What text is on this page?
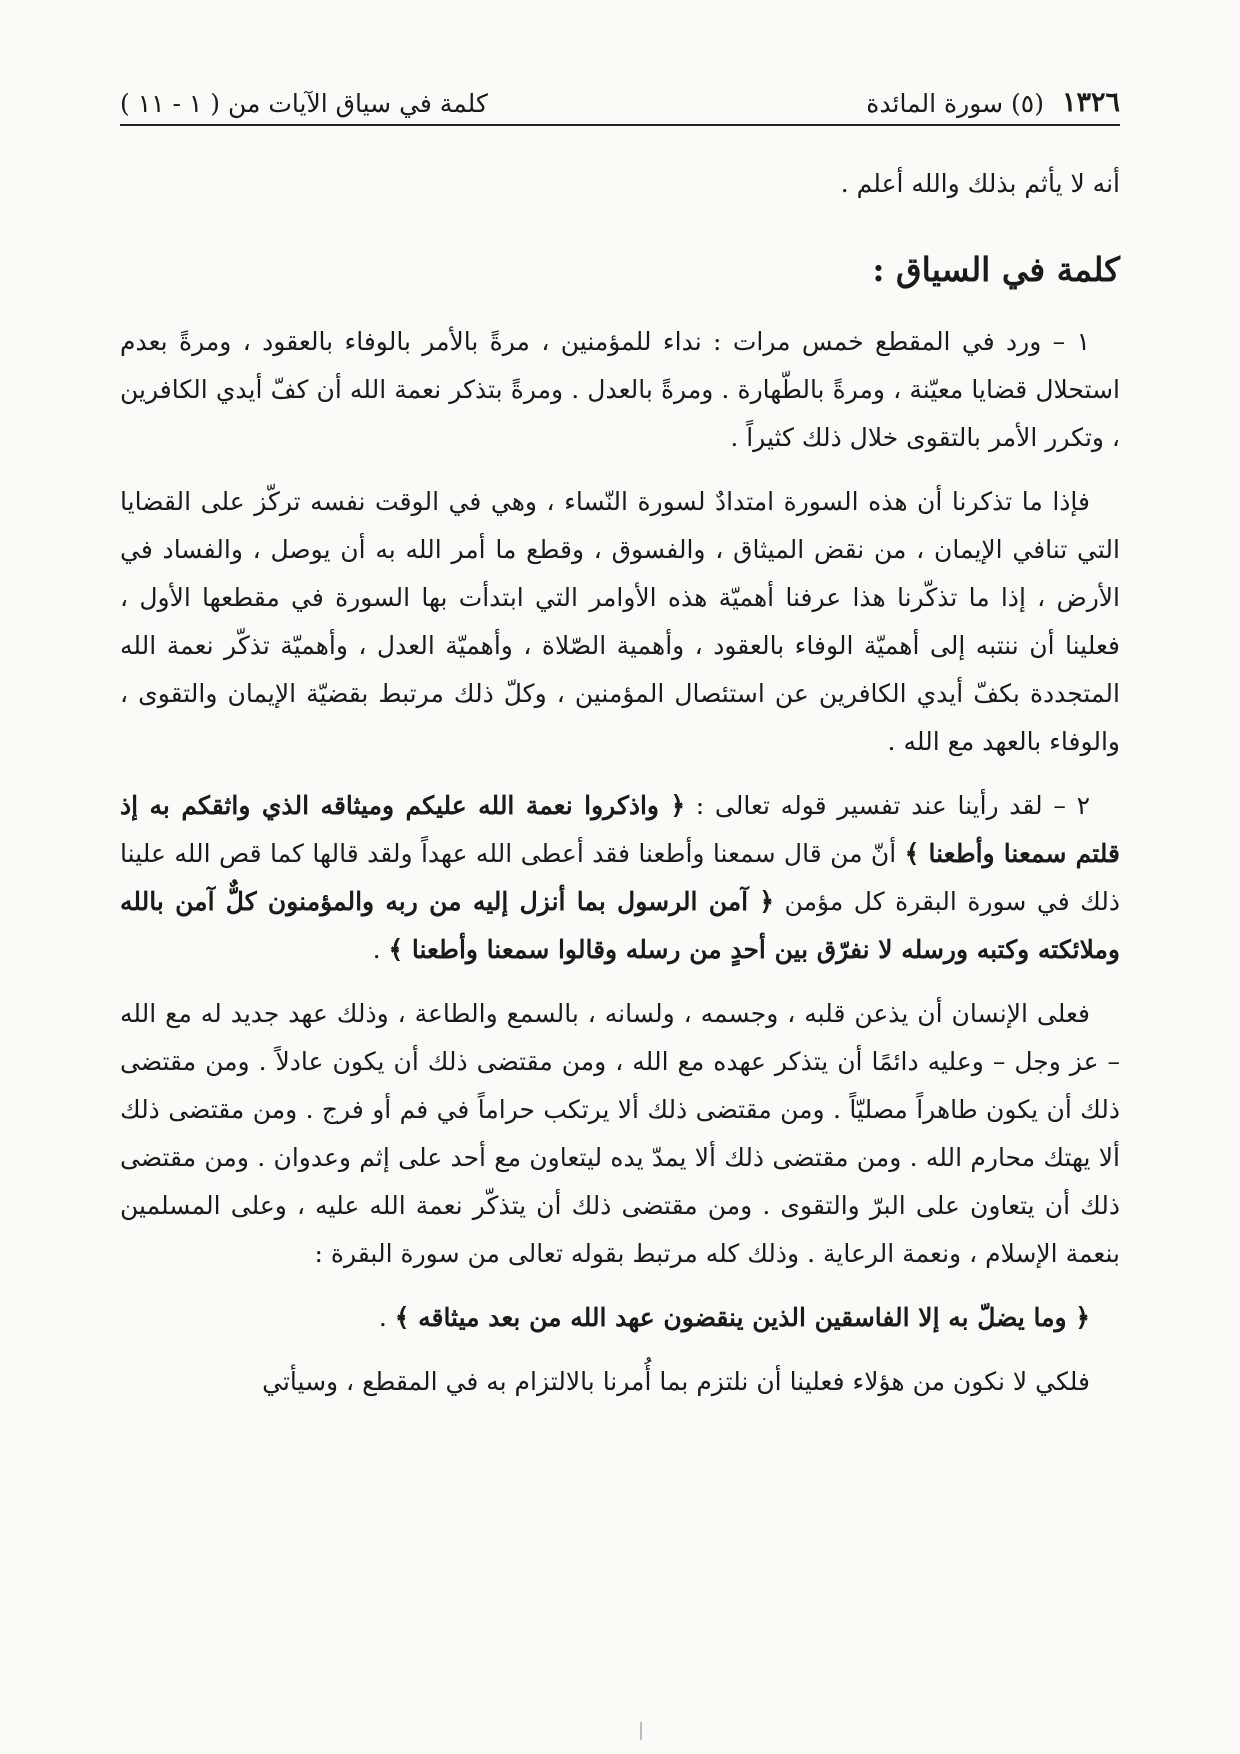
١٣٢٦
(٥) سورة المائدة
كلمة في سياق الآيات من ( ١ - ١١ )

أنه لا يأثم بذلك والله أعلم .

كلمة في السياق :

١ – ورد في المقطع خمس مرات : نداء للمؤمنين ، مرةً بالأمر بالوفاء بالعقود ، ومرةً بعدم استحلال قضايا معيّنة ، ومرةً بالطّهارة . ومرةً بالعدل . ومرةً بتذكر نعمة الله أن كفّ أيدي الكافرين ، وتكرر الأمر بالتقوى خلال ذلك كثيراً .

فإذا ما تذكرنا أن هذه السورة امتدادٌ لسورة النّساء ، وهي في الوقت نفسه تركّز على القضايا التي تنافي الإيمان ، من نقض الميثاق ، والفسوق ، وقطع ما أمر الله به أن يوصل ، والفساد في الأرض ، إذا ما تذكّرنا هذا عرفنا أهميّة هذه الأوامر التي ابتدأت بها السورة في مقطعها الأول ، فعلينا أن ننتبه إلى أهميّة الوفاء بالعقود ، وأهمية الصّلاة ، وأهميّة العدل ، وأهميّة تذكّر نعمة الله المتجددة بكفّ أيدي الكافرين عن استئصال المؤمنين ، وكلّ ذلك مرتبط بقضيّة الإيمان والتقوى ، والوفاء بالعهد مع الله .

٢ – لقد رأينا عند تفسير قوله تعالى : ﴿ واذكروا نعمة الله عليكم وميثاقه الذي واثقكم به إذ قلتم سمعنا وأطعنا ﴾ أنّ من قال سمعنا وأطعنا فقد أعطى الله عهداً ولقد قالها كما قص الله علينا ذلك في سورة البقرة كل مؤمن ﴿ آمن الرسول بما أنزل إليه من ربه والمؤمنون كلٌّ آمن بالله وملائكته وكتبه ورسله لا نفرّق بين أحدٍ من رسله وقالوا سمعنا وأطعنا ﴾ .

فعلى الإنسان أن يذعن قلبه ، وجسمه ، ولسانه ، بالسمع والطاعة ، وذلك عهد جديد له مع الله – عز وجل – وعليه دائمًا أن يتذكر عهده مع الله ، ومن مقتضى ذلك أن يكون عادلاً . ومن مقتضى ذلك أن يكون طاهراً مصليّاً . ومن مقتضى ذلك ألا يرتكب حراماً في فم أو فرج . ومن مقتضى ذلك ألا يهتك محارم الله . ومن مقتضى ذلك ألا يمدّ يده ليتعاون مع أحد على إثم وعدوان . ومن مقتضى ذلك أن يتعاون على البرّ والتقوى . ومن مقتضى ذلك أن يتذكّر نعمة الله عليه ، وعلى المسلمين بنعمة الإسلام ، ونعمة الرعاية . وذلك كله مرتبط بقوله تعالى من سورة البقرة :

﴿ وما يضلّ به إلا الفاسقين الذين ينقضون عهد الله من بعد ميثاقه ﴾ .

فلكي لا نكون من هؤلاء فعلينا أن نلتزم بما أُمرنا بالالتزام به في المقطع ، وسيأتي
